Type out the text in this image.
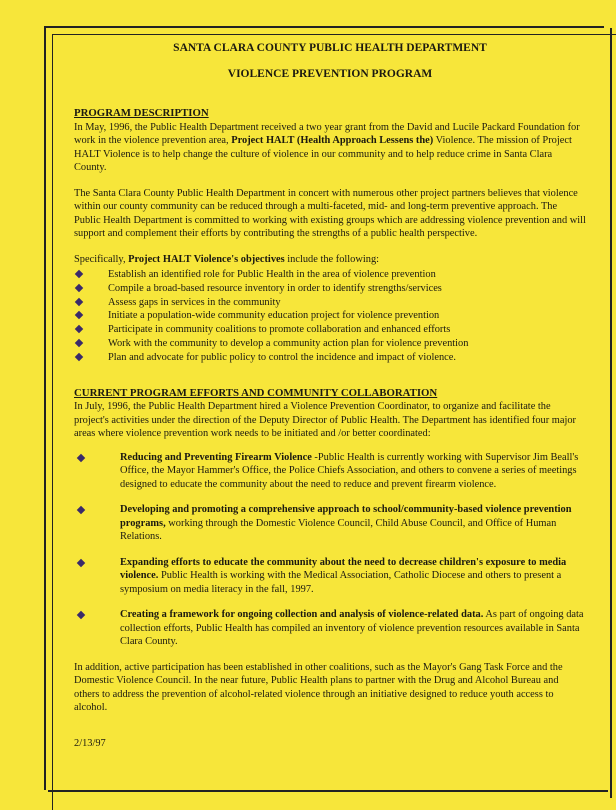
SANTA CLARA COUNTY PUBLIC HEALTH DEPARTMENT
VIOLENCE PREVENTION PROGRAM
PROGRAM DESCRIPTION

In May, 1996, the Public Health Department received a two year grant from the David and Lucile Packard Foundation for work in the violence prevention area, Project HALT (Health Approach Lessens the) Violence. The mission of Project HALT Violence is to help change the culture of violence in our community and to help reduce crime in Santa Clara County.

The Santa Clara County Public Health Department in concert with numerous other project partners believes that violence within our county community can be reduced through a multi-faceted, mid- and long-term preventive approach. The Public Health Department is committed to working with existing groups which are addressing violence prevention and will support and complement their efforts by contributing the strengths of a public health perspective.

Specifically, Project HALT Violence's objectives include the following:

Establish an identified role for Public Health in the area of violence prevention
Compile a broad-based resource inventory in order to identify strengths/services
Assess gaps in services in the community
Initiate a population-wide community education project for violence prevention
Participate in community coalitions to promote collaboration and enhanced efforts
Work with the community to develop a community action plan for violence prevention
Plan and advocate for public policy to control the incidence and impact of violence.
CURRENT PROGRAM EFFORTS AND COMMUNITY COLLABORATION

In July, 1996, the Public Health Department hired a Violence Prevention Coordinator, to organize and facilitate the project's activities under the direction of the Deputy Director of Public Health. The Department has identified four major areas where violence prevention work needs to be initiated and /or better coordinated:

Reducing and Preventing Firearm Violence -Public Health is currently working with Supervisor Jim Beall's Office, the Mayor Hammer's Office, the Police Chiefs Association, and others to convene a series of meetings designed to educate the community about the need to reduce and prevent firearm violence.
Developing and promoting a comprehensive approach to school/community-based violence prevention programs, working through the Domestic Violence Council, Child Abuse Council, and Office of Human Relations.
Expanding efforts to educate the community about the need to decrease children's exposure to media violence. Public Health is working with the Medical Association, Catholic Diocese and others to present a symposium on media literacy in the fall, 1997.
Creating a framework for ongoing collection and analysis of violence-related data. As part of ongoing data collection efforts, Public Health has compiled an inventory of violence prevention resources available in Santa Clara County.

In addition, active participation has been established in other coalitions, such as the Mayor's Gang Task Force and the Domestic Violence Council. In the near future, Public Health plans to partner with the Drug and Alcohol Bureau and others to address the prevention of alcohol-related violence through an initiative designed to reduce youth access to alcohol.

2/13/97
